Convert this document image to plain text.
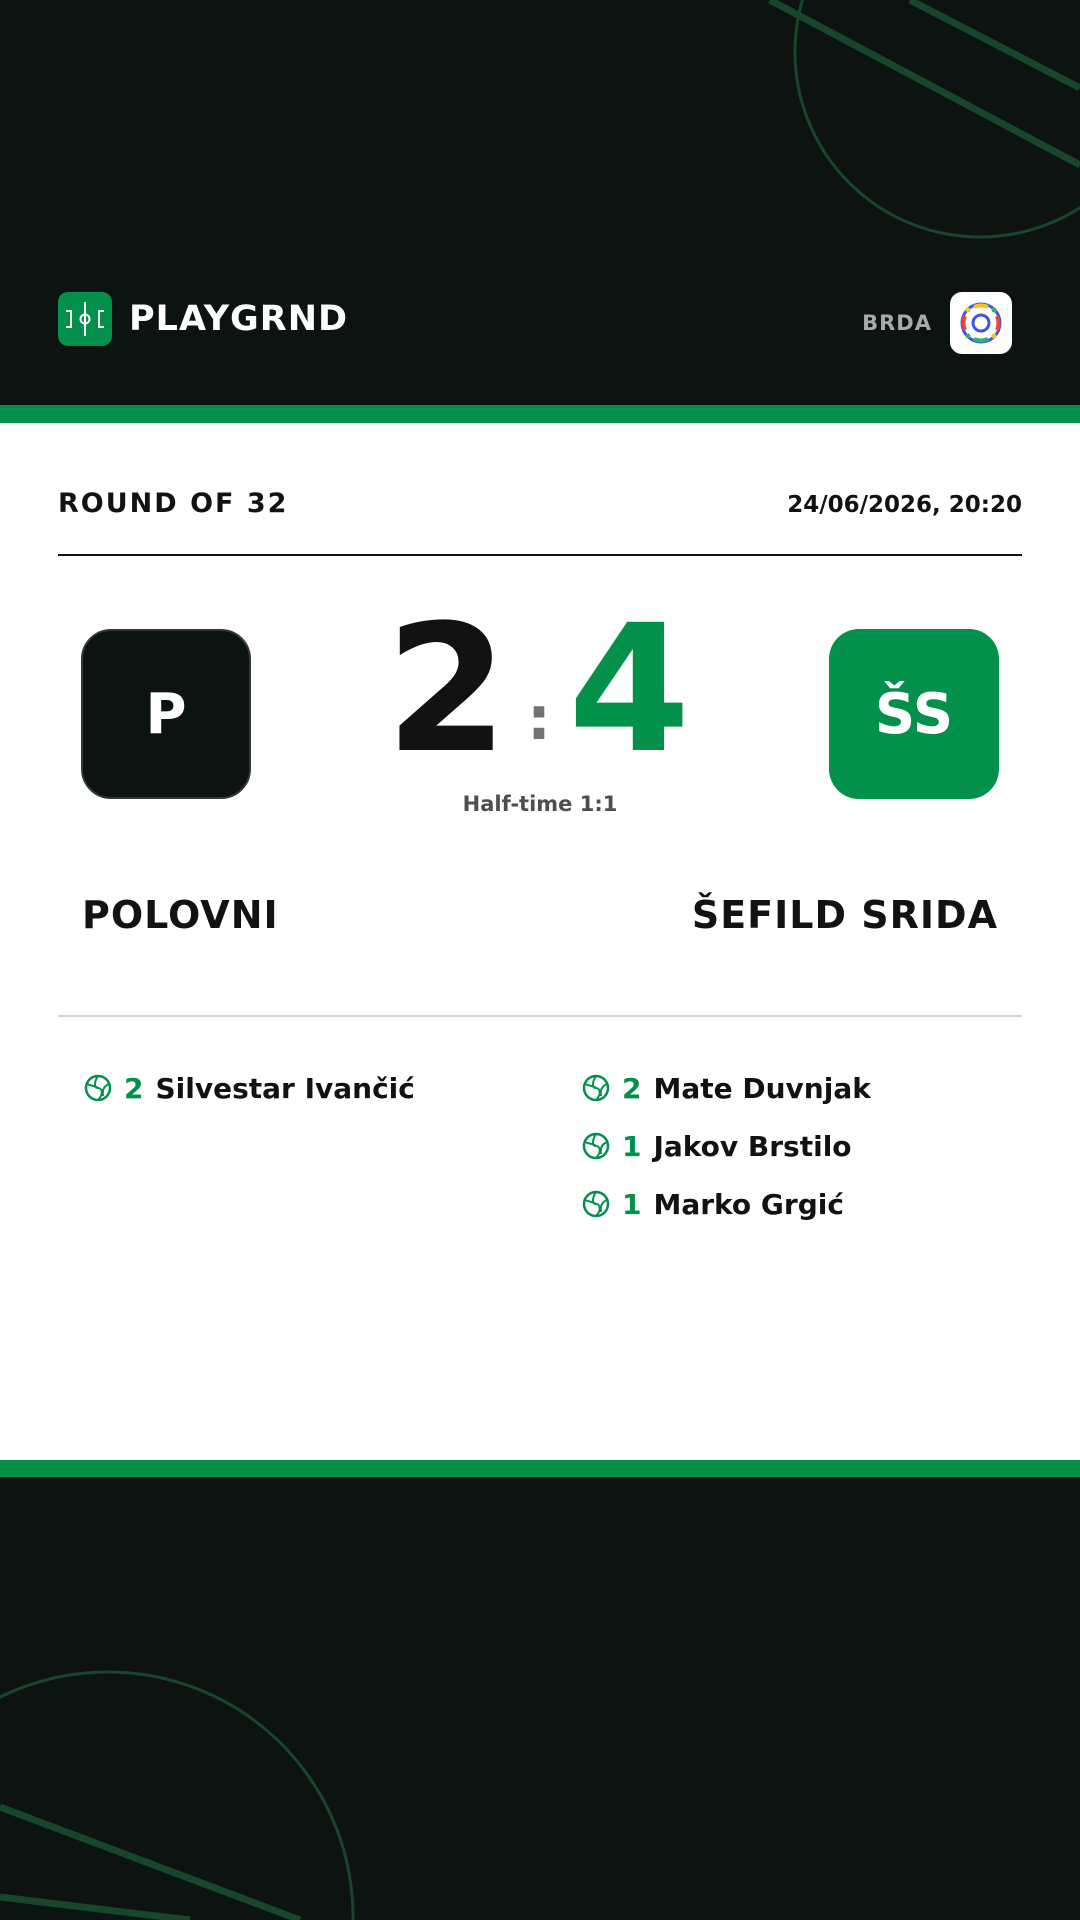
PLAYGRND	BRDA
ROUND OF 32	24/06/2026, 20:20
P	ŠS
2 : 4
Half-time 1:1
POLOVNI	ŠEFILD SRIDA
2 Silvestar Ivančić	2 Mate Duvnjak
1 Jakov Brstilo
1 Marko Grgić
